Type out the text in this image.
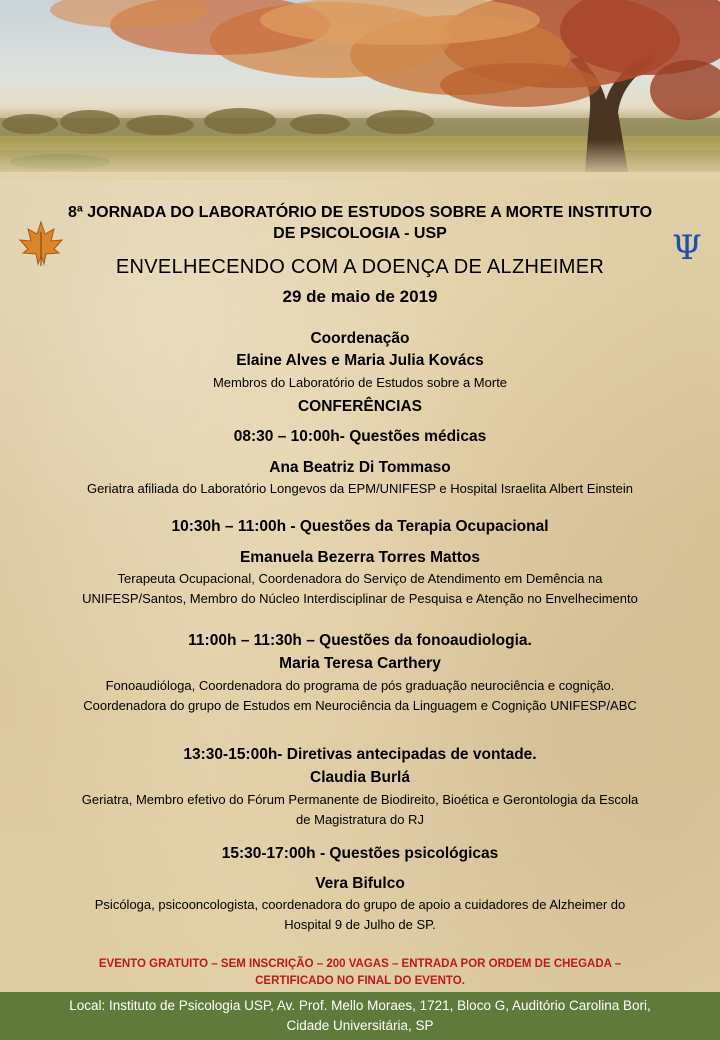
Ψ
8ª JORNADA DO LABORATÓRIO DE ESTUDOS SOBRE A MORTE INSTITUTO
DE PSICOLOGIA - USP
ENVELHECENDO COM A DOENÇA DE ALZHEIMER
29 de maio de 2019
Coordenação
Elaine Alves e Maria Julia Kovács
Membros do Laboratório de Estudos sobre a Morte
CONFERÊNCIAS
08:30 – 10:00h- Questões médicas
Ana Beatriz Di Tommaso
Geriatra afiliada do Laboratório Longevos da EPM/UNIFESP e Hospital Israelita Albert Einstein
10:30h – 11:00h - Questões da Terapia Ocupacional
Emanuela Bezerra Torres Mattos
Terapeuta Ocupacional, Coordenadora do Serviço de Atendimento em Demência na
UNIFESP/Santos, Membro do Núcleo Interdisciplinar de Pesquisa e Atenção no Envelhecimento
11:00h – 11:30h – Questões da fonoaudiologia.
Maria Teresa Carthery
Fonoaudióloga, Coordenadora do programa de pós graduação neurociência e cognição.
Coordenadora do grupo de Estudos em Neurociência da Linguagem e Cognição UNIFESP/ABC
13:30-15:00h- Diretivas antecipadas de vontade.
Claudia Burlá
Geriatra, Membro efetivo do Fórum Permanente de Biodireito, Bioética e Gerontologia da Escola
de Magistratura do RJ
15:30-17:00h - Questões psicológicas
Vera Bifulco
Psicóloga, psicooncologista, coordenadora do grupo de apoio a cuidadores de Alzheimer do
Hospital 9 de Julho de SP.
EVENTO GRATUITO – SEM INSCRIÇÃO – 200 VAGAS – ENTRADA POR ORDEM DE CHEGADA –
CERTIFICADO NO FINAL DO EVENTO.
Local: Instituto de Psicologia USP, Av. Prof. Mello Moraes, 1721, Bloco G, Auditório Carolina Bori,
Cidade Universitária, SP
